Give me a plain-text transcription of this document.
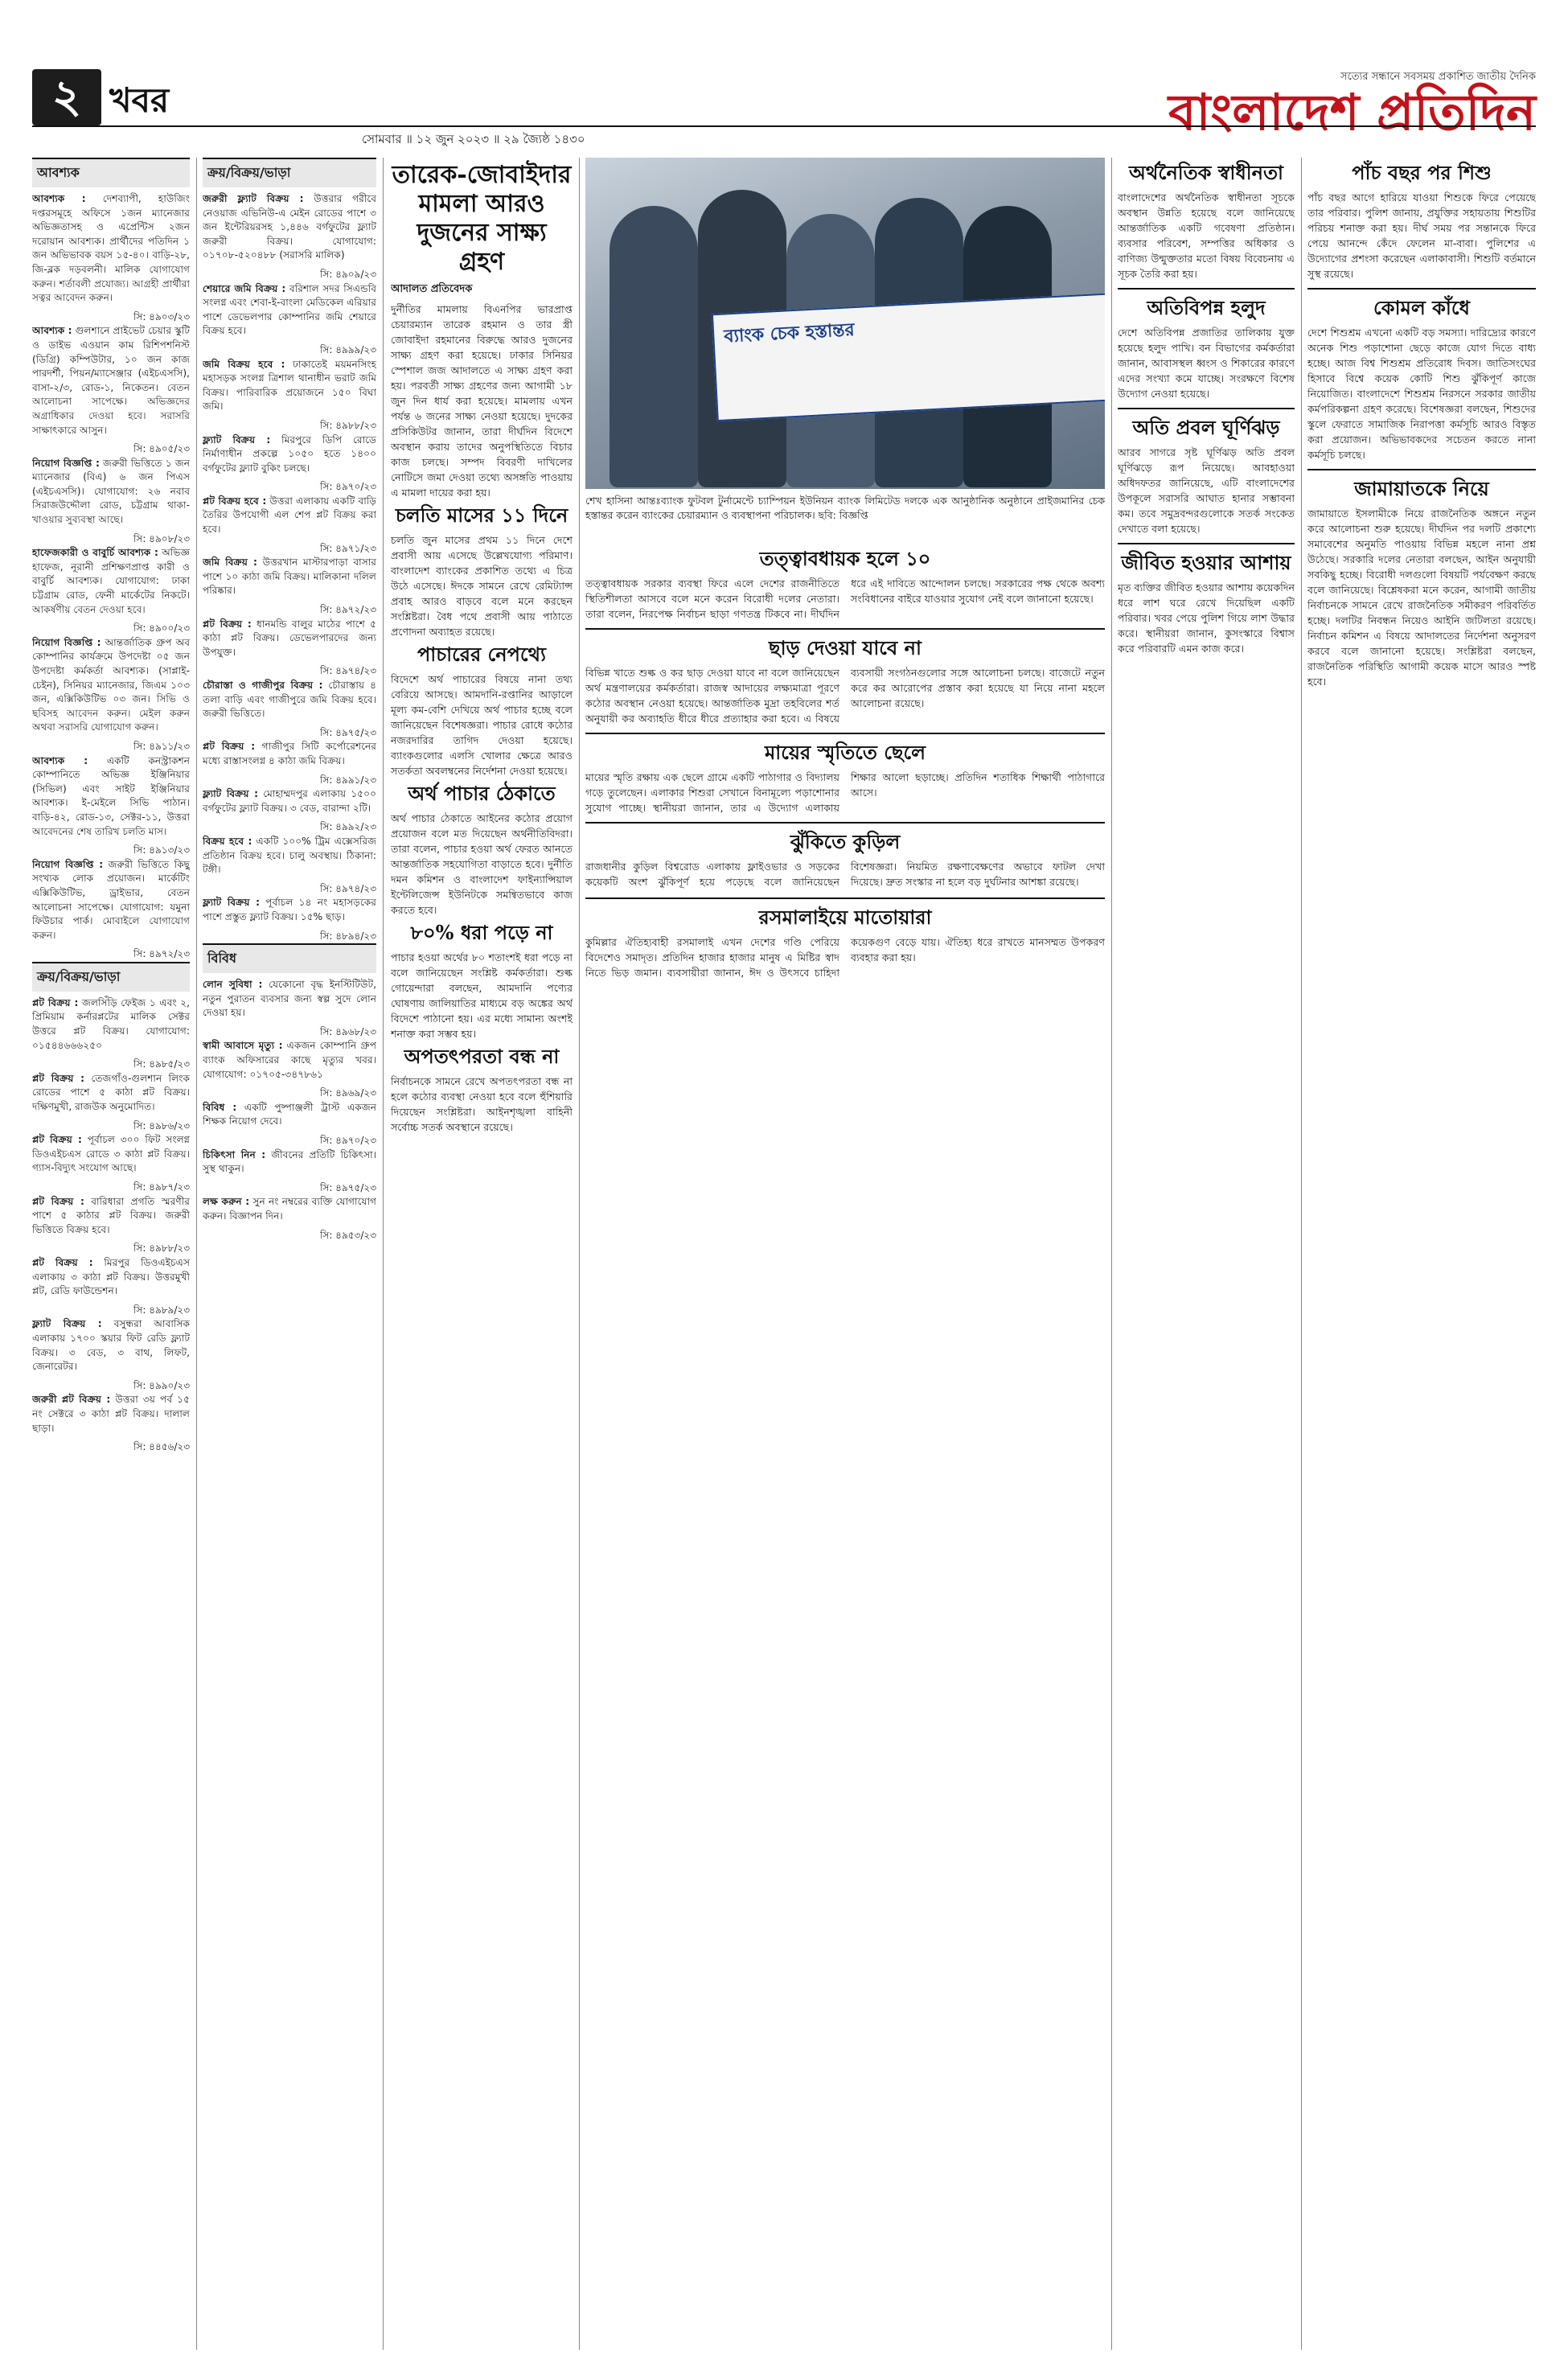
২ খবর
সত্যের সন্ধানে সবসময় প্রকাশিত জাতীয় দৈনিক
বাংলাদেশ প্রতিদিন
সোমবার ॥ ১২ জুন ২০২৩ ॥ ২৯ জ্যৈষ্ঠ ১৪৩০
আবশ্যক

আবশ্যক : দেশব্যাপী, হাউজিং দপ্তরসমূহে অফিসে ১জন ম্যানেজার অভিজ্ঞতাসহ ও এপ্রেন্টিস ২জন দরোয়ান আবশ্যক। প্রার্থীদের পতিদিন ১ জন অভিভাবক বয়স ১৫-৪০। বাড়ি-২৮, জি-ব্লক দড়বলনী। মালিক যোগাযোগ করুন। শর্তাবলী প্রযোজ্য। আগ্রহী প্রার্থীরা সত্বর আবেদন করুন।

সি: ৪৯০৩/২৩

আবশ্যক : গুলশানে প্রাইভেট চেয়ার স্কুটি ও ডাইভ এওয়ান কাম রিশিপশনিস্ট (ডিগ্রি) কম্পিউটার, ১০ জন কাজ পারদর্শী, পিয়ন/ম্যাসেঞ্জার (এইচএসসি), বাসা-২/৩, রোড-১, নিকেতন। বেতন আলোচনা সাপেক্ষে। অভিজ্ঞদের অগ্রাধিকার দেওয়া হবে। সরাসরি সাক্ষাৎকারে আসুন।

সি: ৪৯০৫/২৩

নিয়োগ বিজ্ঞপ্তি : জরুরী ভিত্তিতে ১ জন ম্যানেজার (বিএ) ৬ জন পিএস (এইচএসসি)। যোগাযোগ: ২৬ নবাব সিরাজউদ্দৌলা রোড, চট্টগ্রাম থাকা-খাওয়ার সুব্যবস্থা আছে।

সি: ৪৯০৮/২৩

হাফেজকারী ও বাবুর্চি আবশ্যক : অভিজ্ঞ হাফেজ, নূরানী প্রশিক্ষণপ্রাপ্ত কারী ও বাবুর্চি আবশ্যক। যোগাযোগ: ঢাকা চট্টগ্রাম রোড, ফেনী মার্কেটের নিকটে। আকর্ষণীয় বেতন দেওয়া হবে।

সি: ৪৯০০/২৩

নিয়োগ বিজ্ঞপ্তি : আন্তর্জাতিক গ্রুপ অব কোম্পানির কার্যক্রমে উপদেষ্টা ০৫ জন উপদেষ্টা কর্মকর্তা আবশ্যক। (সাপ্লাই-চেইন), সিনিয়র ম্যানেজার, জিএম ১০৩ জন, এক্সিকিউটিভ ০৩ জন। সিভি ও ছবিসহ আবেদন করুন। মেইল করুন অথবা সরাসরি যোগাযোগ করুন।

সি: ৪৯১১/২৩

আবশ্যক : একটি কনস্ট্রাকশন কোম্পানিতে অভিজ্ঞ ইঞ্জিনিয়ার (সিভিল) এবং সাইট ইঞ্জিনিয়ার আবশ্যক। ই-মেইলে সিভি পাঠান। বাড়ি-৪২, রোড-১৩, সেক্টর-১১, উত্তরা আবেদনের শেষ তারিখ চলতি মাস।

সি: ৪৯১৩/২৩

নিয়োগ বিজ্ঞপ্তি : জরুরী ভিত্তিতে কিছু সংখ্যক লোক প্রয়োজন। মার্কেটিং এক্সিকিউটিভ, ড্রাইভার, বেতন আলোচনা সাপেক্ষে। যোগাযোগ: যমুনা ফিউচার পার্ক। মোবাইলে যোগাযোগ করুন।

সি: ৪৯৭২/২৩
ক্রয়/বিক্রয়/ভাড়া

প্লট বিক্রয় : জলসিঁড়ি ফেইজ ১ এবং ২, প্রিমিয়াম কর্নারপ্লটের মালিক সেক্টর উত্তরে প্লট বিক্রয়। যোগাযোগ: ০১৫৪৪৬৬৬২৫০

সি: ৪৯৮৫/২৩

প্লট বিক্রয় : তেজগাঁও-গুলশান লিংক রোডের পাশে ৫ কাঠা প্লট বিক্রয়। দক্ষিণমুখী, রাজউক অনুমোদিত।

সি: ৪৯৮৬/২৩

প্লট বিক্রয় : পূর্বাচল ৩০০ ফিট সংলগ্ন ডিওএইচএস রোডে ৩ কাঠা প্লট বিক্রয়। গ্যাস-বিদ্যুৎ সংযোগ আছে।

সি: ৪৯৮৭/২৩

প্লট বিক্রয় : বারিধারা প্রগতি স্মরণীর পাশে ৫ কাঠার প্লট বিক্রয়। জরুরী ভিত্তিতে বিক্রয় হবে।

সি: ৪৯৮৮/২৩

প্লট বিক্রয় : মিরপুর ডিওএইচএস এলাকায় ৩ কাঠা প্লট বিক্রয়। উত্তরমুখী প্লট, রেডি ফাউন্ডেশন।

সি: ৪৯৮৯/২৩

ফ্ল্যাট বিক্রয় : বসুন্ধরা আবাসিক এলাকায় ১৭০০ স্কয়ার ফিট রেডি ফ্ল্যাট বিক্রয়। ৩ বেড, ৩ বাথ, লিফট, জেনারেটর।

সি: ৪৯৯০/২৩

জরুরী প্লট বিক্রয় : উত্তরা ৩য় পর্ব ১৫ নং সেক্টরে ৩ কাঠা প্লট বিক্রয়। দালাল ছাড়া।

সি: ৪৪৫৬/২৩
ক্রয়/বিক্রয়/ভাড়া

জরুরী ফ্ল্যাট বিক্রয় : উত্তরার গরীবে নেওয়াজ এভিনিউ-এ মেইন রোডের পাশে ৩ জন ইন্টেরিয়রসহ ১,৪৪৬ বর্গফুটের ফ্ল্যাট জরুরী বিক্রয়। যোগাযোগ: ০১৭০৮-৫২০৪৮৮ (সরাসরি মালিক)

সি: ৪৯০৯/২৩

শেয়ারে জমি বিক্রয় : বরিশাল সদর সিএন্ডবি সংলগ্ন এবং শেবা-ই-বাংলা মেডিকেল এরিয়ার পাশে ডেভেলপার কোম্পানির জমি শেয়ারে বিক্রয় হবে।

সি: ৪৯৯৯/২৩

জমি বিক্রয় হবে : ঢাকাতেই ময়মনসিংহ মহাসড়ক সংলগ্ন ত্রিশাল থানাধীন ভরাট জমি বিক্রয়। পারিবারিক প্রয়োজনে ১৫০ বিঘা জমি।

সি: ৪৯৮৮/২৩

ফ্ল্যাট বিক্রয় : মিরপুরে ডিপি রোডে নির্মাণাধীন প্রকল্পে ১০৫০ হতে ১৪০০ বর্গফুটের ফ্ল্যাট বুকিং চলছে।

সি: ৪৯৭০/২৩

প্লট বিক্রয় হবে : উত্তরা এলাকায় একটি বাড়ি তৈরির উপযোগী এল শেপ প্লট বিক্রয় করা হবে।

সি: ৪৯৭১/২৩

জমি বিক্রয় : উত্তরখান মাস্টারপাড়া বাসার পাশে ১০ কাঠা জমি বিক্রয়। মালিকানা দলিল পরিষ্কার।

সি: ৪৯৭২/২৩

প্লট বিক্রয় : ধানমন্ডি বালুর মাঠের পাশে ৫ কাঠা প্লট বিক্রয়। ডেভেলপারদের জন্য উপযুক্ত।

সি: ৪৯৭৪/২৩

চৌরাস্তা ও গাজীপুর বিক্রয় : চৌরাস্তায় ৪ তলা বাড়ি এবং গাজীপুরে জমি বিক্রয় হবে। জরুরী ভিত্তিতে।

সি: ৪৯৭৫/২৩

প্লট বিক্রয় : গাজীপুর সিটি কর্পোরেশনের মধ্যে রাস্তাসংলগ্ন ৪ কাঠা জমি বিক্রয়।

সি: ৪৯৯১/২৩

ফ্ল্যাট বিক্রয় : মোহাম্মদপুর এলাকায় ১৫০০ বর্গফুটের ফ্ল্যাট বিক্রয়। ৩ বেড, বারান্দা ২টি।

সি: ৪৯৯২/২৩

বিক্রয় হবে : একটি ১০০% ট্রিম এক্সেসরিজ প্রতিষ্ঠান বিক্রয় হবে। চালু অবস্থায়। ঠিকানা: টঙ্গী।

সি: ৪৯৭৪/২৩

ফ্ল্যাট বিক্রয় : পূর্বাচল ১৪ নং মহাসড়কের পাশে প্রস্তুত ফ্ল্যাট বিক্রয়। ১৫% ছাড়।

সি: ৪৮৯৪/২৩
বিবিধ

লোন সুবিধা : যেকোনো বৃদ্ধ ইনস্টিটিউট, নতুন পুরাতন ব্যবসার জন্য স্বল্প সুদে লোন দেওয়া হয়।

সি: ৪৯৬৮/২৩

স্বামী আবাসে মৃত্যু : একজন কোম্পানি গ্রুপ ব্যাংক অফিসারের কাছে মৃত্যুর খবর। যোগাযোগ: ০১৭০৫-৩৪৭৮৬১

সি: ৪৯৬৯/২৩

বিবিধ : একটি পুষ্পাঞ্জলী ট্রাস্ট একজন শিক্ষক নিয়োগ দেবে।

সি: ৪৯৭০/২৩

চিকিৎসা নিন : জীবনের প্রতিটি চিকিৎসা। সুস্থ থাকুন।

সি: ৪৯৭৫/২৩

লক্ষ করুন : সুন নং নম্বরের ব্যক্তি যোগাযোগ করুন। বিজ্ঞাপন দিন।

সি: ৪৯৫৩/২৩
তারেক-জোবাইদার মামলা আরও দুজনের সাক্ষ্য গ্রহণ
আদালত প্রতিবেদক

দুর্নীতির মামলায় বিএনপির ভারপ্রাপ্ত চেয়ারম্যান তারেক রহমান ও তার স্ত্রী জোবাইদা রহমানের বিরুদ্ধে আরও দুজনের সাক্ষ্য গ্রহণ করা হয়েছে। ঢাকার সিনিয়র স্পেশাল জজ আদালতে এ সাক্ষ্য গ্রহণ করা হয়। পরবর্তী সাক্ষ্য গ্রহণের জন্য আগামী ১৮ জুন দিন ধার্য করা হয়েছে। মামলায় এখন পর্যন্ত ৬ জনের সাক্ষ্য নেওয়া হয়েছে। দুদকের প্রসিকিউটর জানান, তারা দীর্ঘদিন বিদেশে অবস্থান করায় তাদের অনুপস্থিতিতে বিচার কাজ চলছে। সম্পদ বিবরণী দাখিলের নোটিসে জমা দেওয়া তথ্যে অসঙ্গতি পাওয়ায় এ মামলা দায়ের করা হয়।

চলতি মাসের ১১ দিনে

চলতি জুন মাসের প্রথম ১১ দিনে দেশে প্রবাসী আয় এসেছে উল্লেখযোগ্য পরিমাণ। বাংলাদেশ ব্যাংকের প্রকাশিত তথ্যে এ চিত্র উঠে এসেছে। ঈদকে সামনে রেখে রেমিট্যান্স প্রবাহ আরও বাড়বে বলে মনে করছেন সংশ্লিষ্টরা। বৈধ পথে প্রবাসী আয় পাঠাতে প্রণোদনা অব্যাহত রয়েছে।

পাচারের নেপথ্যে

বিদেশে অর্থ পাচারের বিষয়ে নানা তথ্য বেরিয়ে আসছে। আমদানি-রপ্তানির আড়ালে মূল্য কম-বেশি দেখিয়ে অর্থ পাচার হচ্ছে বলে জানিয়েছেন বিশেষজ্ঞরা। পাচার রোধে কঠোর নজরদারির তাগিদ দেওয়া হয়েছে। ব্যাংকগুলোর এলসি খোলার ক্ষেত্রে আরও সতর্কতা অবলম্বনের নির্দেশনা দেওয়া হয়েছে।

অর্থ পাচার ঠেকাতে

অর্থ পাচার ঠেকাতে আইনের কঠোর প্রয়োগ প্রয়োজন বলে মত দিয়েছেন অর্থনীতিবিদরা। তারা বলেন, পাচার হওয়া অর্থ ফেরত আনতে আন্তর্জাতিক সহযোগিতা বাড়াতে হবে। দুর্নীতি দমন কমিশন ও বাংলাদেশ ফাইন্যান্সিয়াল ইন্টেলিজেন্স ইউনিটকে সমন্বিতভাবে কাজ করতে হবে।

৮০% ধরা পড়ে না

পাচার হওয়া অর্থের ৮০ শতাংশই ধরা পড়ে না বলে জানিয়েছেন সংশ্লিষ্ট কর্মকর্তারা। শুল্ক গোয়েন্দারা বলছেন, আমদানি পণ্যের ঘোষণায় জালিয়াতির মাধ্যমে বড় অঙ্কের অর্থ বিদেশে পাঠানো হয়। এর মধ্যে সামান্য অংশই শনাক্ত করা সম্ভব হয়।

অপতৎপরতা বন্ধ না

নির্বাচনকে সামনে রেখে অপতৎপরতা বন্ধ না হলে কঠোর ব্যবস্থা নেওয়া হবে বলে হুঁশিয়ারি দিয়েছেন সংশ্লিষ্টরা। আইনশৃঙ্খলা বাহিনী সর্বোচ্চ সতর্ক অবস্থানে রয়েছে।

ব্যাংক চেক হস্তান্তর
শেখ হাসিনা আন্তঃব্যাংক ফুটবল টুর্নামেন্টে চ্যাম্পিয়ন ইউনিয়ন ব্যাংক লিমিটেড দলকে এক আনুষ্ঠানিক অনুষ্ঠানে প্রাইজমানির চেক হস্তান্তর করেন ব্যাংকের চেয়ারম্যান ও ব্যবস্থাপনা পরিচালক। ছবি: বিজ্ঞপ্তি
তত্ত্বাবধায়ক হলে ১০

তত্ত্বাবধায়ক সরকার ব্যবস্থা ফিরে এলে দেশের রাজনীতিতে স্থিতিশীলতা আসবে বলে মনে করেন বিরোধী দলের নেতারা। তারা বলেন, নিরপেক্ষ নির্বাচন ছাড়া গণতন্ত্র টিকবে না। দীর্ঘদিন ধরে এই দাবিতে আন্দোলন চলছে। সরকারের পক্ষ থেকে অবশ্য সংবিধানের বাইরে যাওয়ার সুযোগ নেই বলে জানানো হয়েছে।

ছাড় দেওয়া যাবে না

বিভিন্ন খাতে শুল্ক ও কর ছাড় দেওয়া যাবে না বলে জানিয়েছেন অর্থ মন্ত্রণালয়ের কর্মকর্তারা। রাজস্ব আদায়ের লক্ষ্যমাত্রা পূরণে কঠোর অবস্থান নেওয়া হয়েছে। আন্তর্জাতিক মুদ্রা তহবিলের শর্ত অনুযায়ী কর অব্যাহতি ধীরে ধীরে প্রত্যাহার করা হবে। এ বিষয়ে ব্যবসায়ী সংগঠনগুলোর সঙ্গে আলোচনা চলছে। বাজেটে নতুন করে কর আরোপের প্রস্তাব করা হয়েছে যা নিয়ে নানা মহলে আলোচনা রয়েছে।

মায়ের স্মৃতিতে ছেলে

মায়ের স্মৃতি রক্ষায় এক ছেলে গ্রামে একটি পাঠাগার ও বিদ্যালয় গড়ে তুলেছেন। এলাকার শিশুরা সেখানে বিনামূল্যে পড়াশোনার সুযোগ পাচ্ছে। স্থানীয়রা জানান, তার এ উদ্যোগ এলাকায় শিক্ষার আলো ছড়াচ্ছে। প্রতিদিন শতাধিক শিক্ষার্থী পাঠাগারে আসে।

ঝুঁকিতে কুড়িল

রাজধানীর কুড়িল বিশ্বরোড এলাকায় ফ্লাইওভার ও সড়কের কয়েকটি অংশ ঝুঁকিপূর্ণ হয়ে পড়েছে বলে জানিয়েছেন বিশেষজ্ঞরা। নিয়মিত রক্ষণাবেক্ষণের অভাবে ফাটল দেখা দিয়েছে। দ্রুত সংস্কার না হলে বড় দুর্ঘটনার আশঙ্কা রয়েছে।

রসমালাইয়ে মাতোয়ারা

কুমিল্লার ঐতিহ্যবাহী রসমালাই এখন দেশের গণ্ডি পেরিয়ে বিদেশেও সমাদৃত। প্রতিদিন হাজার হাজার মানুষ এ মিষ্টির স্বাদ নিতে ভিড় জমান। ব্যবসায়ীরা জানান, ঈদ ও উৎসবে চাহিদা কয়েকগুণ বেড়ে যায়। ঐতিহ্য ধরে রাখতে মানসম্মত উপকরণ ব্যবহার করা হয়।

অর্থনৈতিক স্বাধীনতা

বাংলাদেশের অর্থনৈতিক স্বাধীনতা সূচকে অবস্থান উন্নতি হয়েছে বলে জানিয়েছে আন্তর্জাতিক একটি গবেষণা প্রতিষ্ঠান। ব্যবসার পরিবেশ, সম্পত্তির অধিকার ও বাণিজ্য উন্মুক্ততার মতো বিষয় বিবেচনায় এ সূচক তৈরি করা হয়।

অতিবিপন্ন হলুদ

দেশে অতিবিপন্ন প্রজাতির তালিকায় যুক্ত হয়েছে হলুদ পাখি। বন বিভাগের কর্মকর্তারা জানান, আবাসস্থল ধ্বংস ও শিকারের কারণে এদের সংখ্যা কমে যাচ্ছে। সংরক্ষণে বিশেষ উদ্যোগ নেওয়া হয়েছে।

অতি প্রবল ঘূর্ণিঝড়

আরব সাগরে সৃষ্ট ঘূর্ণিঝড় অতি প্রবল ঘূর্ণিঝড়ে রূপ নিয়েছে। আবহাওয়া অধিদফতর জানিয়েছে, এটি বাংলাদেশের উপকূলে সরাসরি আঘাত হানার সম্ভাবনা কম। তবে সমুদ্রবন্দরগুলোকে সতর্ক সংকেত দেখাতে বলা হয়েছে।

জীবিত হওয়ার আশায়

মৃত ব্যক্তির জীবিত হওয়ার আশায় কয়েকদিন ধরে লাশ ঘরে রেখে দিয়েছিল একটি পরিবার। খবর পেয়ে পুলিশ গিয়ে লাশ উদ্ধার করে। স্থানীয়রা জানান, কুসংস্কারে বিশ্বাস করে পরিবারটি এমন কাজ করে।

পাঁচ বছর পর শিশু

পাঁচ বছর আগে হারিয়ে যাওয়া শিশুকে ফিরে পেয়েছে তার পরিবার। পুলিশ জানায়, প্রযুক্তির সহায়তায় শিশুটির পরিচয় শনাক্ত করা হয়। দীর্ঘ সময় পর সন্তানকে ফিরে পেয়ে আনন্দে কেঁদে ফেলেন মা-বাবা। পুলিশের এ উদ্যোগের প্রশংসা করেছেন এলাকাবাসী। শিশুটি বর্তমানে সুস্থ রয়েছে।

কোমল কাঁধে

দেশে শিশুশ্রম এখনো একটি বড় সমস্যা। দারিদ্র্যের কারণে অনেক শিশু পড়াশোনা ছেড়ে কাজে যোগ দিতে বাধ্য হচ্ছে। আজ বিশ্ব শিশুশ্রম প্রতিরোধ দিবস। জাতিসংঘের হিসাবে বিশ্বে কয়েক কোটি শিশু ঝুঁকিপূর্ণ কাজে নিয়োজিত। বাংলাদেশে শিশুশ্রম নিরসনে সরকার জাতীয় কর্মপরিকল্পনা গ্রহণ করেছে। বিশেষজ্ঞরা বলছেন, শিশুদের স্কুলে ফেরাতে সামাজিক নিরাপত্তা কর্মসূচি আরও বিস্তৃত করা প্রয়োজন। অভিভাবকদের সচেতন করতে নানা কর্মসূচি চলছে।

জামায়াতকে নিয়ে

জামায়াতে ইসলামীকে নিয়ে রাজনৈতিক অঙ্গনে নতুন করে আলোচনা শুরু হয়েছে। দীর্ঘদিন পর দলটি প্রকাশ্যে সমাবেশের অনুমতি পাওয়ায় বিভিন্ন মহলে নানা প্রশ্ন উঠেছে। সরকারি দলের নেতারা বলছেন, আইন অনুযায়ী সবকিছু হচ্ছে। বিরোধী দলগুলো বিষয়টি পর্যবেক্ষণ করছে বলে জানিয়েছে। বিশ্লেষকরা মনে করেন, আগামী জাতীয় নির্বাচনকে সামনে রেখে রাজনৈতিক সমীকরণ পরিবর্তিত হচ্ছে। দলটির নিবন্ধন নিয়েও আইনি জটিলতা রয়েছে। নির্বাচন কমিশন এ বিষয়ে আদালতের নির্দেশনা অনুসরণ করবে বলে জানানো হয়েছে। সংশ্লিষ্টরা বলছেন, রাজনৈতিক পরিস্থিতি আগামী কয়েক মাসে আরও স্পষ্ট হবে।
